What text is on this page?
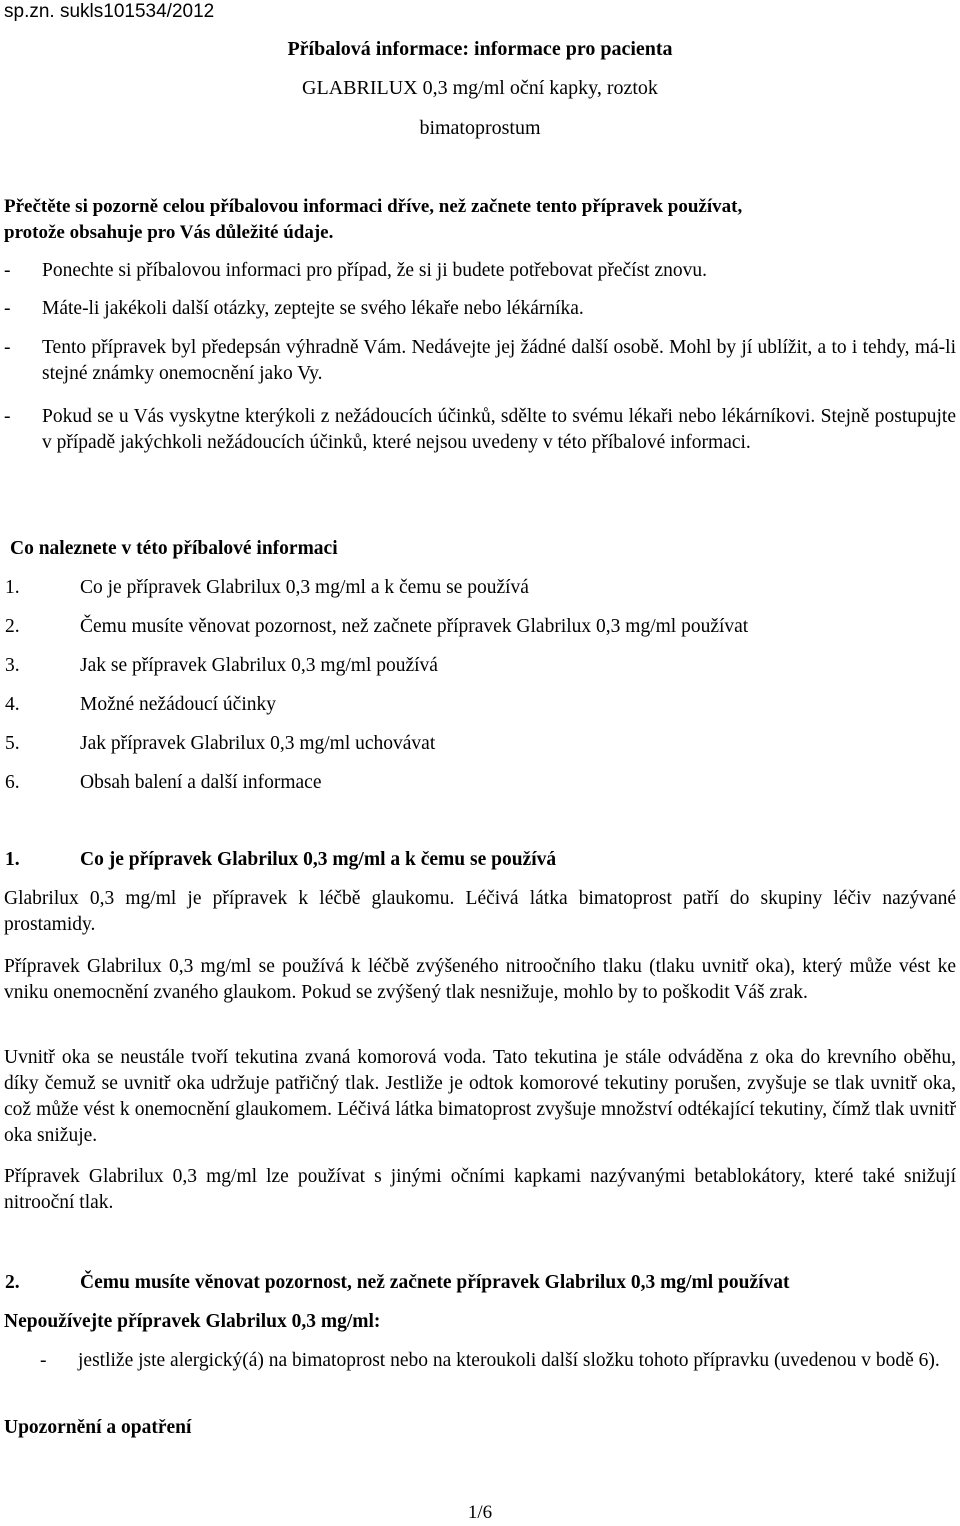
sp.zn. sukls101534/2012
Příbalová informace: informace pro pacienta
GLABRILUX 0,3 mg/ml oční kapky, roztok
bimatoprostum
Přečtěte si pozorně celou příbalovou informaci dříve, než začnete tento přípravek používat,
protože obsahuje pro Vás důležité údaje.
- Ponechte si příbalovou informaci pro případ, že si ji budete potřebovat přečíst znovu.
- Máte-li jakékoli další otázky, zeptejte se svého lékaře nebo lékárníka.
- Tento přípravek byl předepsán výhradně Vám. Nedávejte jej žádné další osobě. Mohl by jí ublížit, a to i tehdy, má-li stejné známky onemocnění jako Vy.
- Pokud se u Vás vyskytne kterýkoli z nežádoucích účinků, sdělte to svému lékaři nebo lékárníkovi. Stejně postupujte v případě jakýchkoli nežádoucích účinků, které nejsou uvedeny v této příbalové informaci.
Co naleznete v této příbalové informaci
1.	Co je přípravek Glabrilux 0,3 mg/ml a k čemu se používá
2.	Čemu musíte věnovat pozornost, než začnete přípravek Glabrilux 0,3 mg/ml používat
3.	Jak se přípravek Glabrilux 0,3 mg/ml používá
4.	Možné nežádoucí účinky
5.	Jak přípravek Glabrilux 0,3 mg/ml uchovávat
6.	Obsah balení a další informace
1.	Co je přípravek Glabrilux 0,3 mg/ml a k čemu se používá
Glabrilux 0,3 mg/ml je přípravek k léčbě glaukomu. Léčivá látka bimatoprost patří do skupiny léčiv nazývané prostamidy.
Přípravek Glabrilux 0,3 mg/ml se používá k léčbě zvýšeného nitroočního tlaku (tlaku uvnitř oka), který může vést ke vniku onemocnění zvaného glaukom. Pokud se zvýšený tlak nesnižuje, mohlo by to poškodit Váš zrak.
Uvnitř oka se neustále tvoří tekutina zvaná komorová voda. Tato tekutina je stále odváděna z oka do krevního oběhu, díky čemuž se uvnitř oka udržuje patřičný tlak. Jestliže je odtok komorové tekutiny porušen, zvyšuje se tlak uvnitř oka, což může vést k onemocnění glaukomem. Léčivá látka bimatoprost zvyšuje množství odtékající tekutiny, čímž tlak uvnitř oka snižuje.
Přípravek Glabrilux 0,3 mg/ml lze používat s jinými očními kapkami nazývanými betablokátory, které také snižují nitrooční tlak.
2.	Čemu musíte věnovat pozornost, než začnete přípravek Glabrilux 0,3 mg/ml používat
Nepoužívejte přípravek Glabrilux 0,3 mg/ml:
- jestliže jste alergický(á) na bimatoprost nebo na kteroukoli další složku tohoto přípravku (uvedenou v bodě 6).
Upozornění a opatření
1/6
